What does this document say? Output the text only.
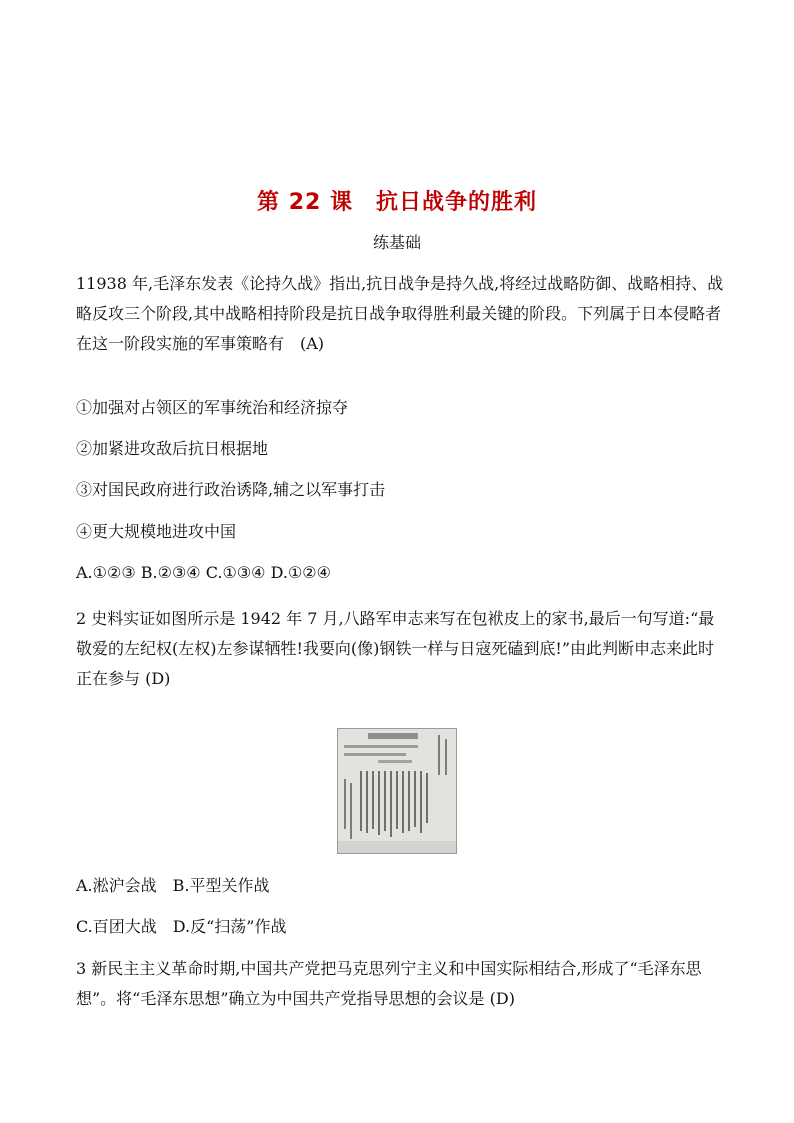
第 22 课　抗日战争的胜利
练基础
11938 年,毛泽东发表《论持久战》指出,抗日战争是持久战,将经过战略防御、战略相持、战略反攻三个阶段,其中战略相持阶段是抗日战争取得胜利最关键的阶段。下列属于日本侵略者在这一阶段实施的军事策略有　(A)
①加强对占领区的军事统治和经济掠夺
②加紧进攻敌后抗日根据地
③对国民政府进行政治诱降,辅之以军事打击
④更大规模地进攻中国
A.①②③ B.②③④ C.①③④ D.①②④
2 史料实证如图所示是 1942 年 7 月,八路军申志来写在包袱皮上的家书,最后一句写道:“最敬爱的左纪权(左权)左参谋牺牲!我要向(像)钢铁一样与日寇死磕到底!”由此判断申志来此时正在参与 (D)
A.淞沪会战　B.平型关作战
C.百团大战　D.反“扫荡”作战
3 新民主主义革命时期,中国共产党把马克思列宁主义和中国实际相结合,形成了“毛泽东思想”。将“毛泽东思想”确立为中国共产党指导思想的会议是 (D)
